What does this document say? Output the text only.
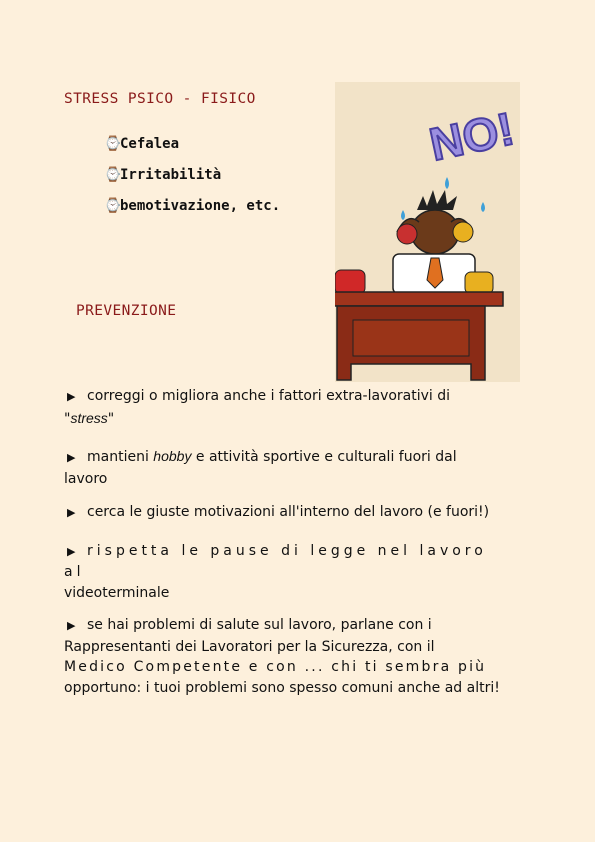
STRESS PSICO - FISICO
⌚
Cefalea
⌚
Irritabilità
⌚
bemotivazione, etc.
PREVENZIONE
NO!

▶ correggi o migliora anche i fattori extra-lavorativi di "stress"

▶ mantieni hobby e attività sportive e culturali fuori dal lavoro

▶ cerca le giuste motivazioni all'interno del lavoro (e fuori!)

▶ rispetta le pause di legge nel lavoro al
videoterminale

▶ se hai problemi di salute sul lavoro, parlane con i Rappresentanti dei Lavoratori per la Sicurezza, con il
Medico Competente e con ... chi ti sembra più
opportuno: i tuoi problemi sono spesso comuni anche ad altri!
